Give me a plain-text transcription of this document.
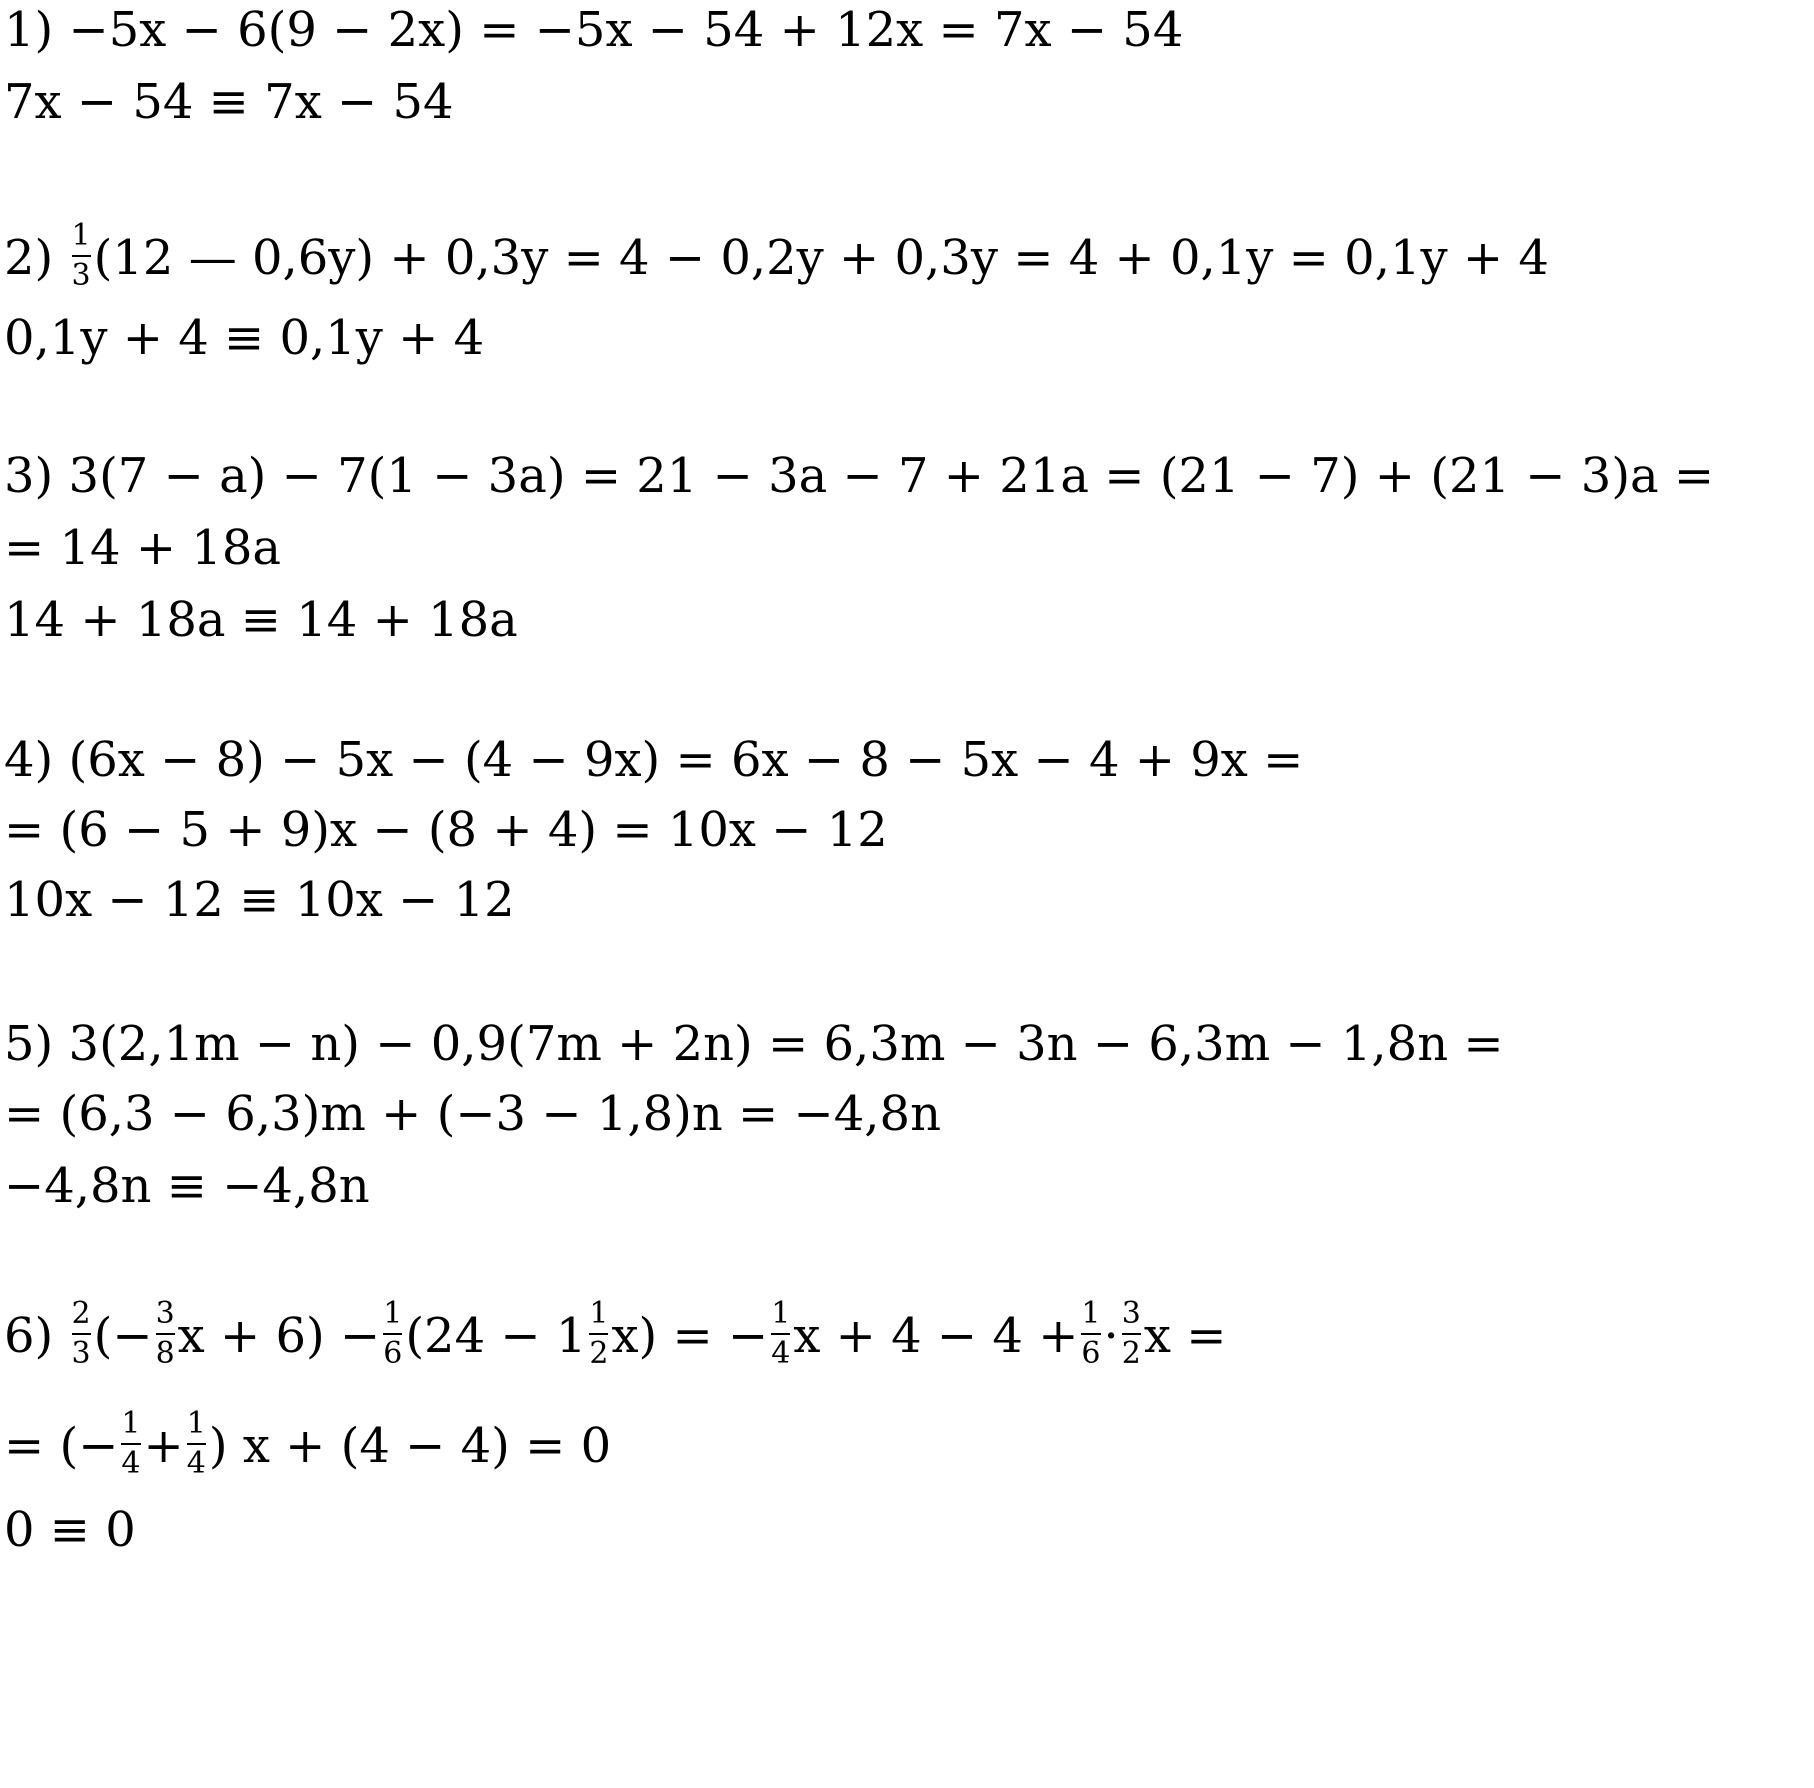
1) −5x − 6(9 − 2x) = −5x − 54 + 12x = 7x − 54
7x − 54 ≡ 7x − 54
$2) \frac{1}{3} (12$ — 0,6y) + 0,3y = 4 − 0,2y + 0,3y = 4 + 0,1y = 0,1y + 4
0,1y + 4 ≡ 0,1y + 4
3) 3(7 − a) − 7(1 − 3a) = 21 − 3a − 7 + 21a = (21 − 7) + (21 − 3)a =
= 14 + 18a
14 + 18a ≡ 14 + 18a
4) (6x − 8) − 5x − (4 − 9x) = 6x − 8 − 5x − 4 + 9x =
= (6 − 5 + 9)x − (8 + 4) = 10x − 12
10x − 12 ≡ 10x − 12
5) 3(2,1m − n) − 0,9(7m + 2n) = 6,3m − 3n − 6,3m − 1,8n =
= (6,3 − 6,3)m + (−3 − 1,8)n = −4,8n
−4,8n ≡ −4,8n
$6) \frac{2}{3}$ (− $\frac{3}{8}$ $x + 6) - \frac{1}{6} (24 - 1 \frac{1}{2} x)$ = − $\frac{1}{4}$ $x + 4 - 4 + \frac{1}{6} \cdot \frac{3}{2}$ x =
= (− $\frac{1}{4} + \frac{1}{4}$ ) x + (4 − 4) = 0
0 ≡ 0
